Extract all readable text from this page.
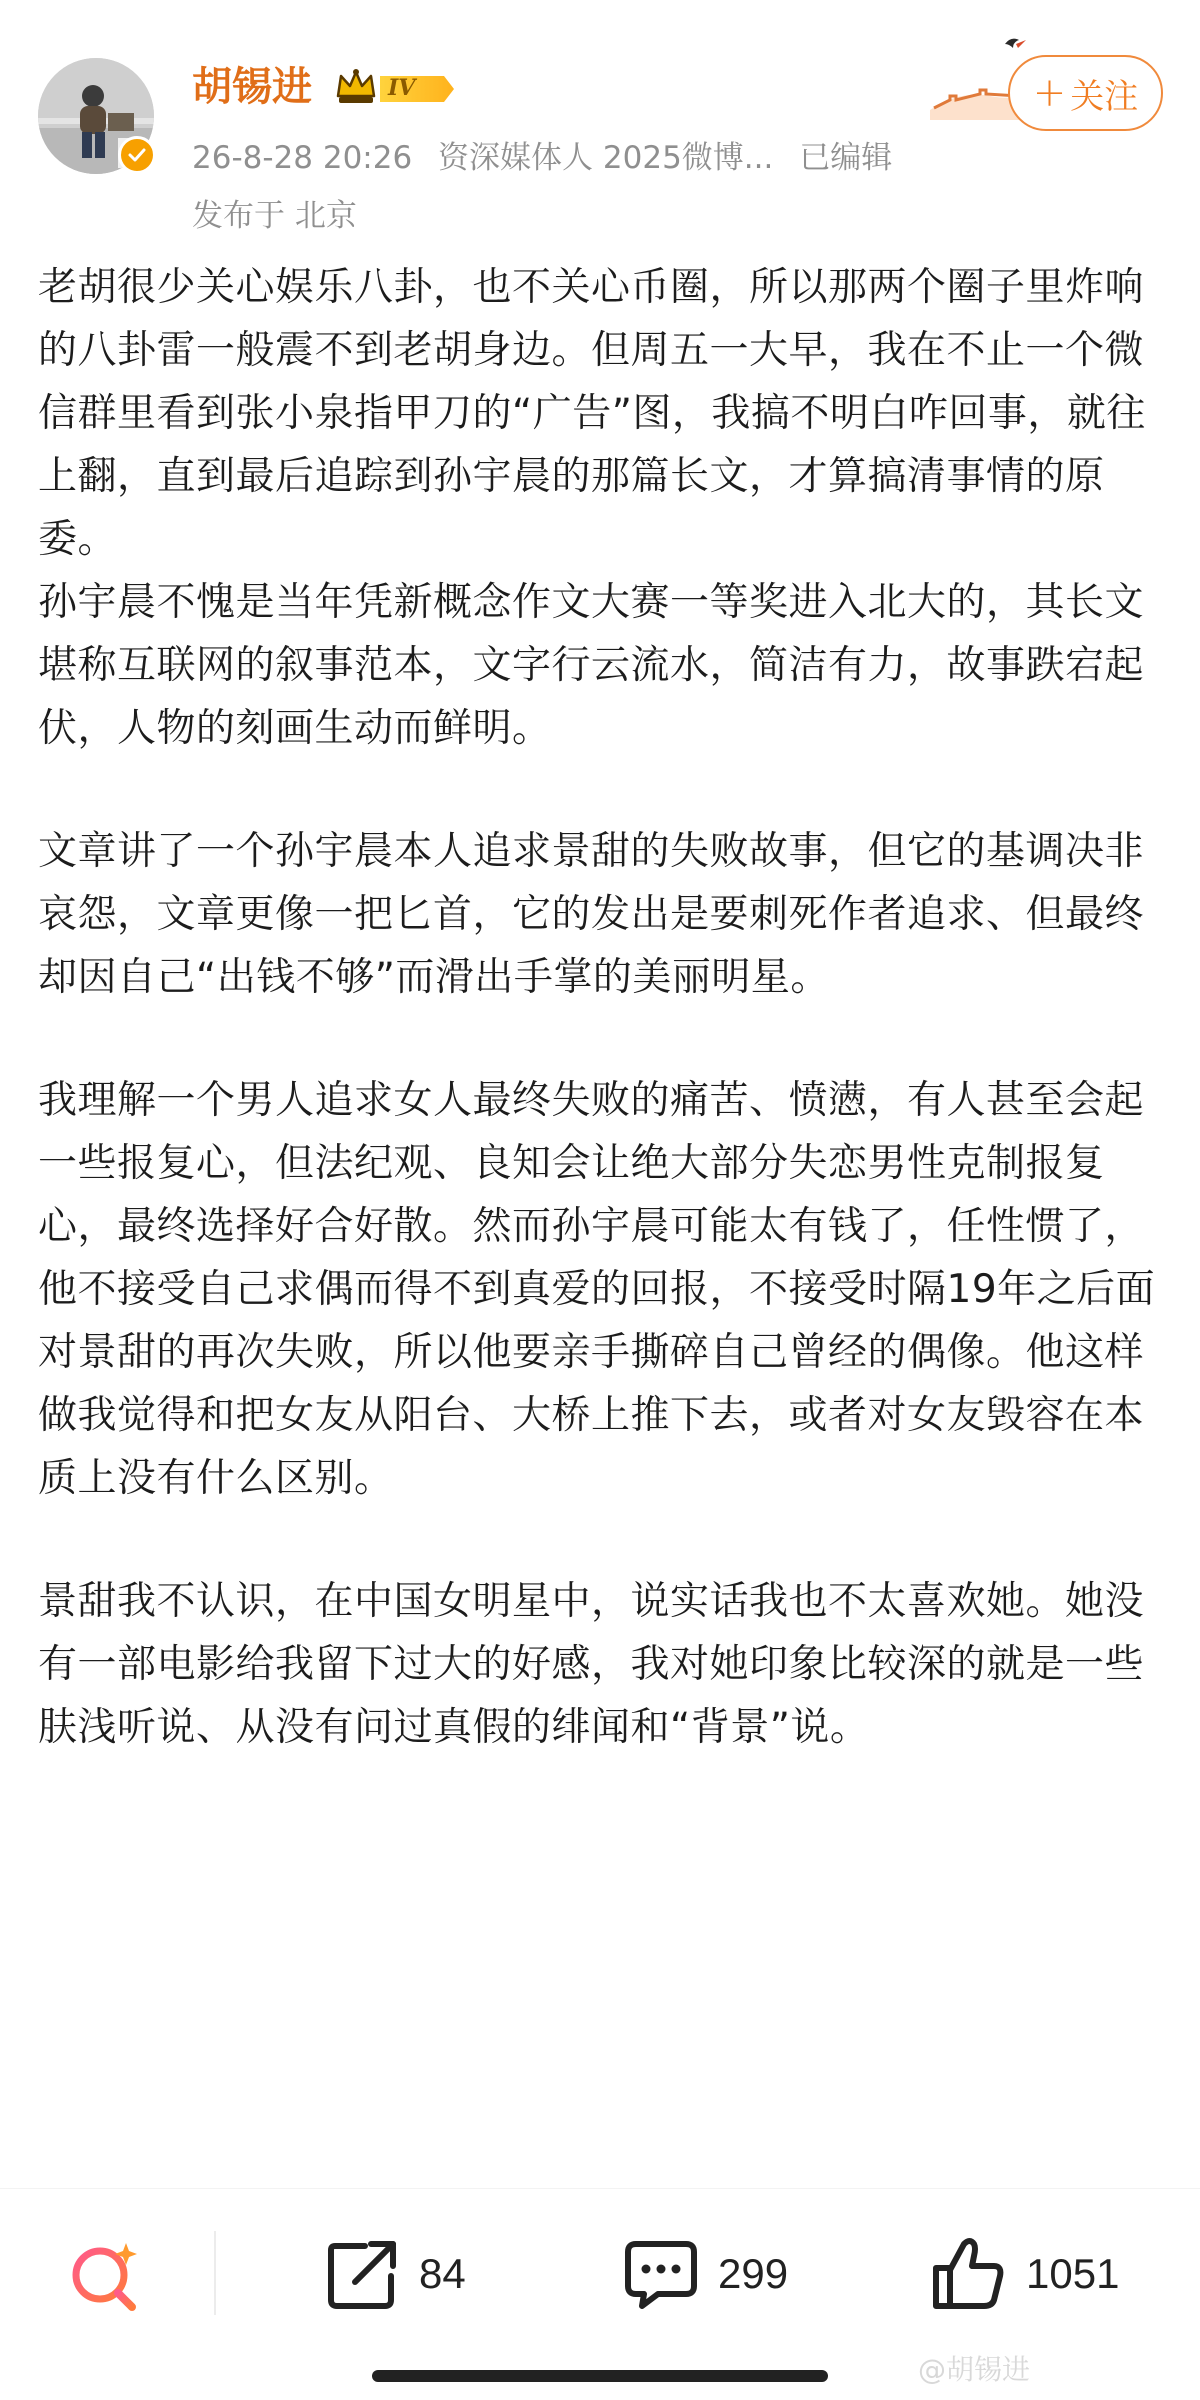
胡锡进	IV
26-8-28 20:26 资深媒体人 2025微博... 已编辑
发布于 北京
+ 关注

老胡很少关心娱乐八卦，也不关心币圈，所以那两个圈子里炸响的八卦雷一般震不到老胡身边。但周五一大早，我在不止一个微信群里看到张小泉指甲刀的“广告”图，我搞不明白咋回事，就往上翻，直到最后追踪到孙宇晨的那篇长文，才算搞清事情的原委。

孙宇晨不愧是当年凭新概念作文大赛一等奖进入北大的，其长文堪称互联网的叙事范本，文字行云流水，简洁有力，故事跌宕起伏，人物的刻画生动而鲜明。

文章讲了一个孙宇晨本人追求景甜的失败故事，但它的基调决非哀怨，文章更像一把匕首，它的发出是要刺死作者追求、但最终却因自己“出钱不够”而滑出手掌的美丽明星。

我理解一个男人追求女人最终失败的痛苦、愤懑，有人甚至会起一些报复心，但法纪观、良知会让绝大部分失恋男性克制报复心，最终选择好合好散。然而孙宇晨可能太有钱了，任性惯了，他不接受自己求偶而得不到真爱的回报，不接受时隔19年之后面对景甜的再次失败，所以他要亲手撕碎自己曾经的偶像。他这样做我觉得和把女友从阳台、大桥上推下去，或者对女友毁容在本质上没有什么区别。

景甜我不认识，在中国女明星中，说实话我也不太喜欢她。她没有一部电影给我留下过大的好感，我对她印象比较深的就是一些肤浅听说、从没有问过真假的绯闻和“背景”说。

84	299	1051
@胡锡进
